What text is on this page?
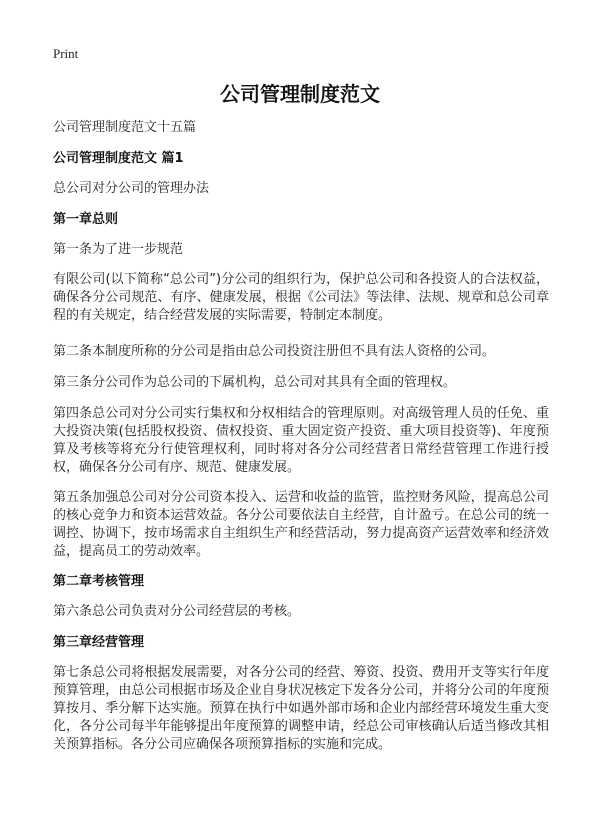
Print
公司管理制度范文

公司管理制度范文十五篇

公司管理制度范文 篇1

总公司对分公司的管理办法

第一章总则

第一条为了进一步规范

有限公司(以下简称“总公司”)分公司的组织行为，保护总公司和各投资人的合法权益，确保各分公司规范、有序、健康发展，根据《公司法》等法律、法规、规章和总公司章程的有关规定，结合经营发展的实际需要，特制定本制度。

第二条本制度所称的分公司是指由总公司投资注册但不具有法人资格的公司。

第三条分公司作为总公司的下属机构，总公司对其具有全面的管理权。

第四条总公司对分公司实行集权和分权相结合的管理原则。对高级管理人员的任免、重大投资决策(包括股权投资、债权投资、重大固定资产投资、重大项目投资等)、年度预算及考核等将充分行使管理权利，同时将对各分公司经营者日常经营管理工作进行授权，确保各分公司有序、规范、健康发展。

第五条加强总公司对分公司资本投入、运营和收益的监管，监控财务风险，提高总公司的核心竞争力和资本运营效益。各分公司要依法自主经营，自计盈亏。在总公司的统一调控、协调下，按市场需求自主组织生产和经营活动，努力提高资产运营效率和经济效益，提高员工的劳动效率。

第二章考核管理

第六条总公司负责对分公司经营层的考核。

第三章经营管理

第七条总公司将根据发展需要，对各分公司的经营、筹资、投资、费用开支等实行年度预算管理，由总公司根据市场及企业自身状况核定下发各分公司，并将分公司的年度预算按月、季分解下达实施。预算在执行中如遇外部市场和企业内部经营环境发生重大变化，各分公司每半年能够提出年度预算的调整申请，经总公司审核确认后适当修改其相关预算指标。各分公司应确保各项预算指标的实施和完成。
